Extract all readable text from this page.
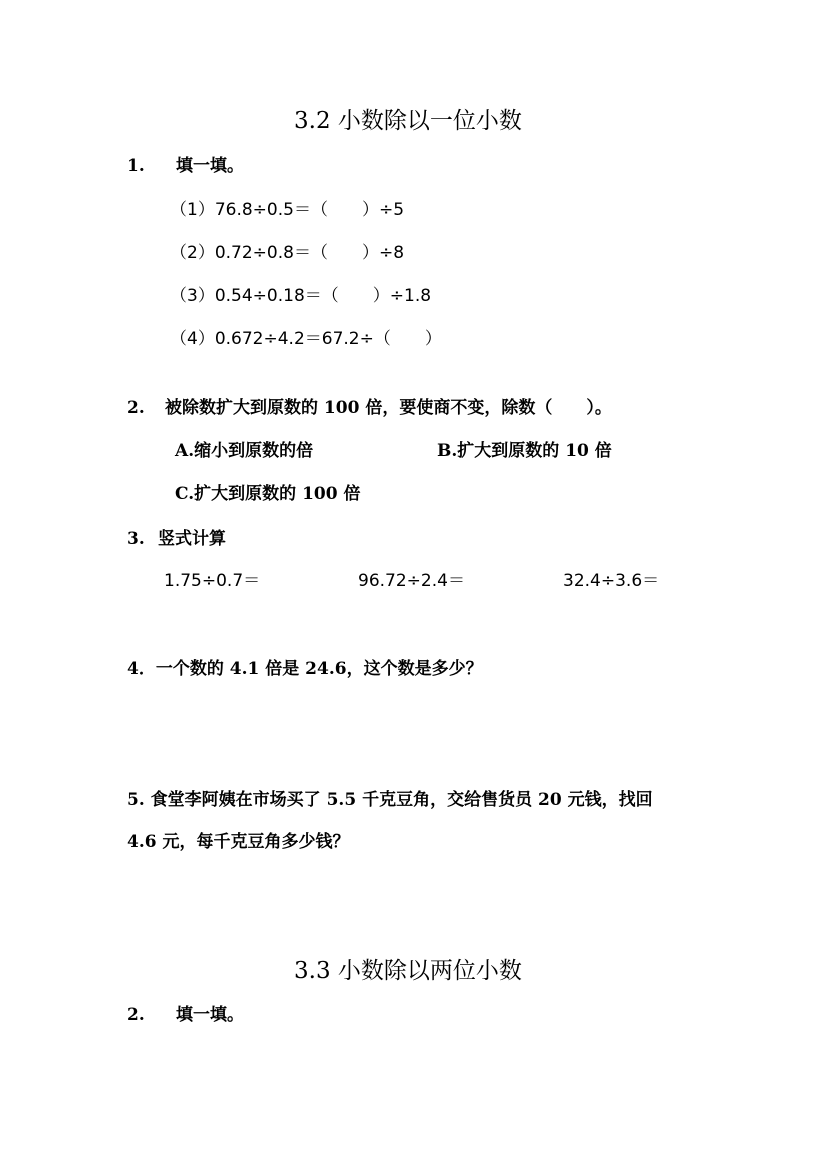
3.2 小数除以一位小数
1. 填一填。
（1）76.8÷0.5＝（　　）÷5
（2）0.72÷0.8＝（　　）÷8
（3）0.54÷0.18＝（　　）÷1.8
（4）0.672÷4.2＝67.2÷（　　）
2. 被除数扩大到原数的 100 倍，要使商不变，除数（　　）。
A.缩小到原数的倍	B.扩大到原数的 10 倍
C.扩大到原数的 100 倍
3. 竖式计算
1.75÷0.7＝	96.72÷2.4＝	32.4÷3.6＝
4．一个数的 4.1 倍是 24.6，这个数是多少？
5. 食堂李阿姨在市场买了 5.5 千克豆角，交给售货员 20 元钱，找回
4.6 元，每千克豆角多少钱？
3.3 小数除以两位小数
2. 填一填。
